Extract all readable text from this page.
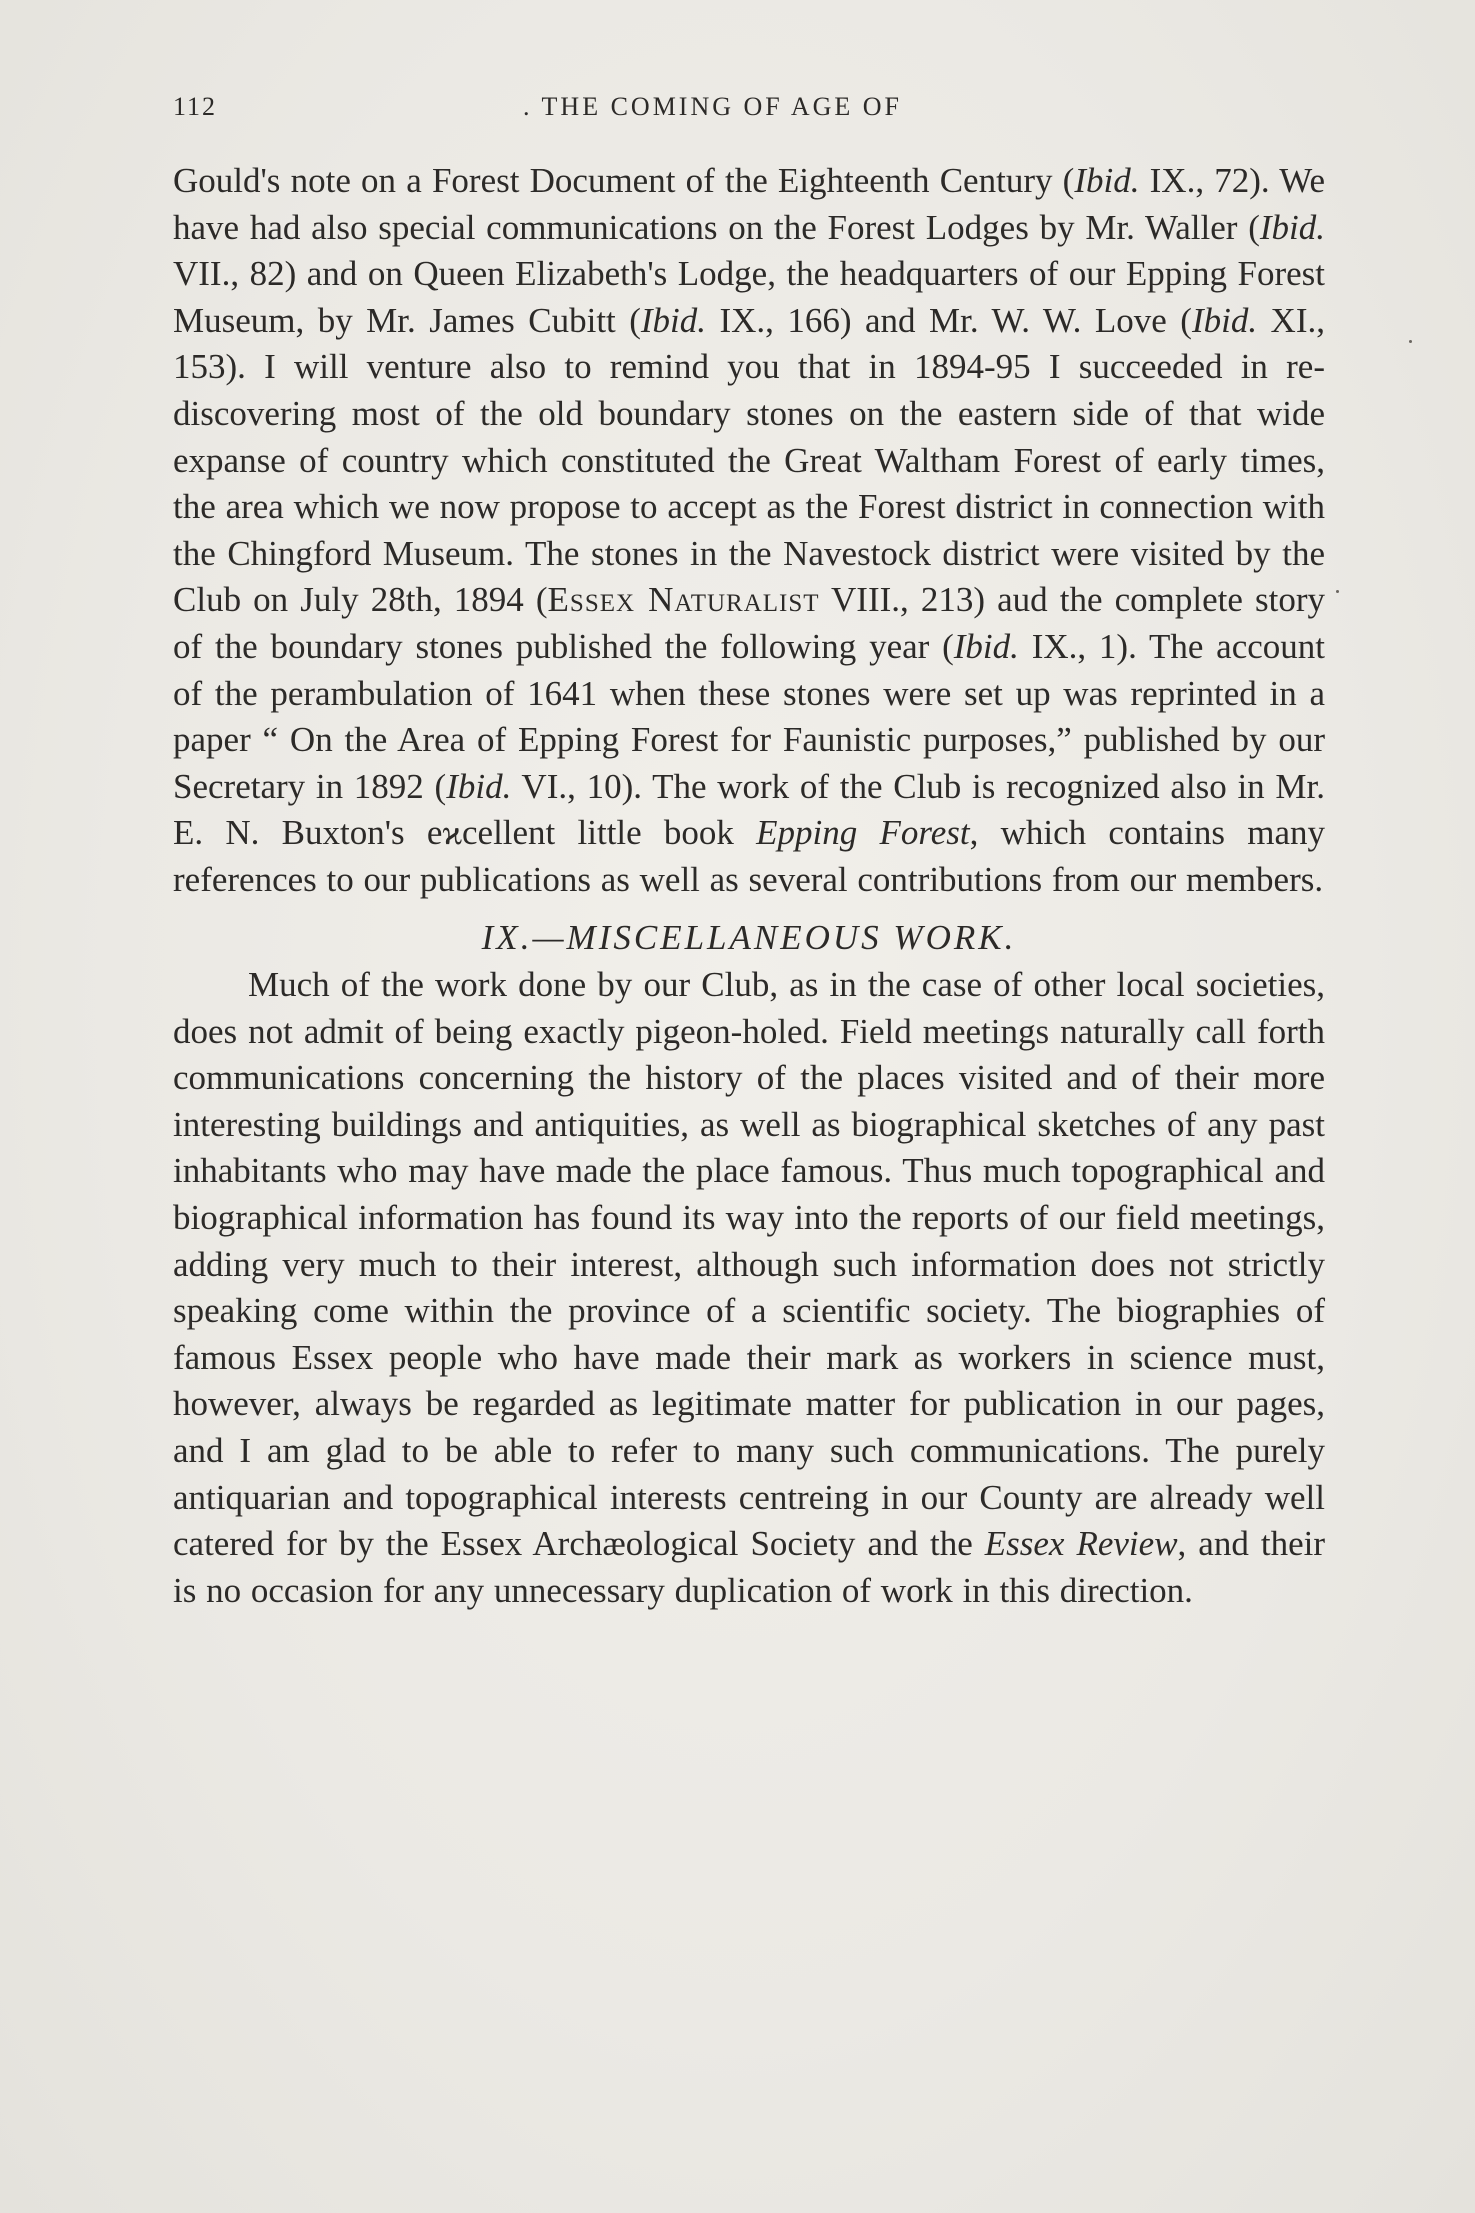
112	. THE COMING OF AGE OF

Gould's note on a Forest Document of the Eighteenth Century (Ibid. IX., 72). We have had also special communications on the Forest Lodges by Mr. Waller (Ibid. VII., 82) and on Queen Elizabeth's Lodge, the headquarters of our Epping Forest Museum, by Mr. James Cubitt (Ibid. IX., 166) and Mr. W. W. Love (Ibid. XI., 153). I will venture also to remind you that in 1894-95 I succeeded in re-discovering most of the old boundary stones on the eastern side of that wide expanse of country which constituted the Great Waltham Forest of early times, the area which we now propose to accept as the Forest district in connection with the Chingford Museum. The stones in the Navestock district were visited by the Club on July 28th, 1894 (Essex Naturalist VIII., 213) aud the complete story of the boundary stones published the following year (Ibid. IX., 1). The account of the perambulation of 1641 when these stones were set up was reprinted in a paper “ On the Area of Epping Forest for Faunistic purposes,” published by our Secretary in 1892 (Ibid. VI., 10). The work of the Club is recognized also in Mr. E. N. Buxton's eϰcellent little book Epping Forest, which contains many references to our publications as well as several contributions from our members.

IX.—MISCELLANEOUS WORK.

Much of the work done by our Club, as in the case of other local societies, does not admit of being exactly pigeon-holed. Field meetings naturally call forth communications concerning the history of the places visited and of their more interesting buildings and antiquities, as well as biographical sketches of any past inhabitants who may have made the place famous. Thus much topographical and biographical information has found its way into the reports of our field meetings, adding very much to their interest, although such information does not strictly speaking come within the province of a scientific society. The biographies of famous Essex people who have made their mark as workers in science must, however, always be regarded as legitimate matter for publication in our pages, and I am glad to be able to refer to many such communications. The purely antiquarian and topographical interests centreing in our County are already well catered for by the Essex Archæological Society and the Essex Review, and their is no occasion for any unnecessary duplication of work in this direction.
